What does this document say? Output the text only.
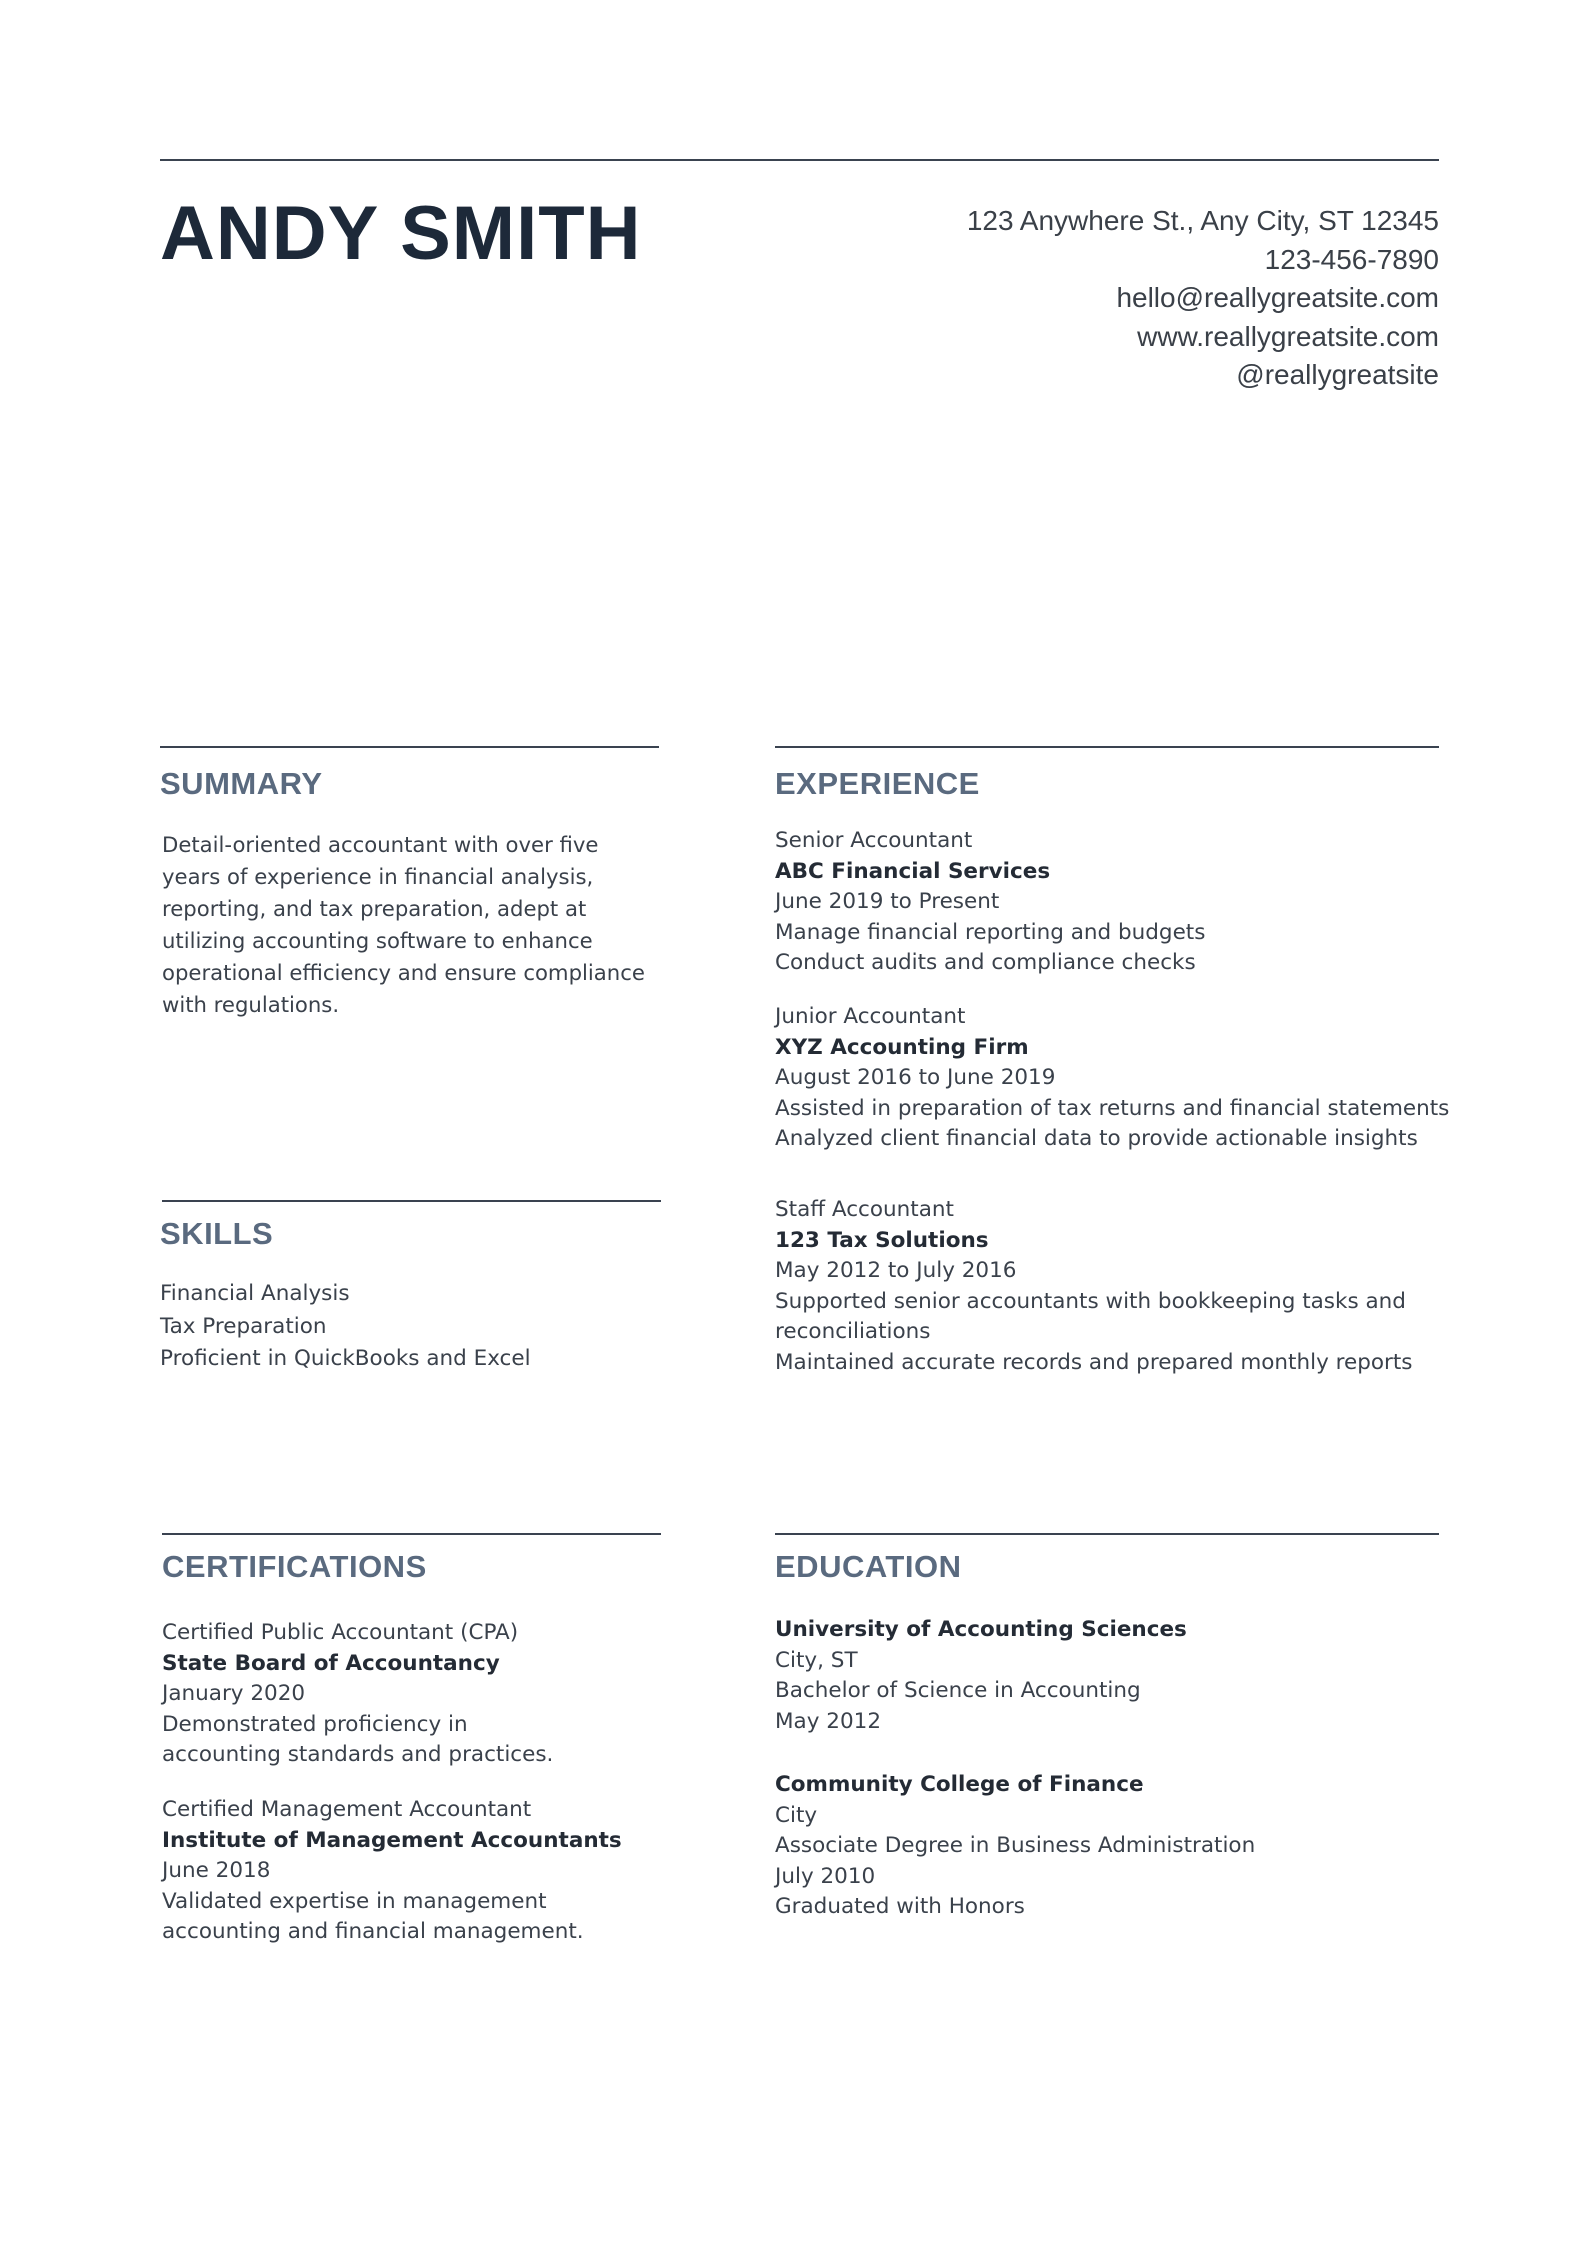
ANDY SMITH	123 Anywhere St., Any City, ST 12345
123-456-7890
hello@reallygreatsite.com
www.reallygreatsite.com
@reallygreatsite
SUMMARY

Detail-oriented accountant with over five years of experience in financial analysis, reporting, and tax preparation, adept at utilizing accounting software to enhance operational efficiency and ensure compliance with regulations.

SKILLS
Financial Analysis
Tax Preparation
Proficient in QuickBooks and Excel
EXPERIENCE
Senior Accountant
ABC Financial Services
June 2019 to Present
Manage financial reporting and budgets
Conduct audits and compliance checks
Junior Accountant
XYZ Accounting Firm
August 2016 to June 2019
Assisted in preparation of tax returns and financial statements
Analyzed client financial data to provide actionable insights
Staff Accountant
123 Tax Solutions
May 2012 to July 2016

Supported senior accountants with bookkeeping tasks and reconciliations

Maintained accurate records and prepared monthly reports
CERTIFICATIONS
Certified Public Accountant (CPA)
State Board of Accountancy
January 2020

Demonstrated proficiency in accounting standards and practices.

Certified Management Accountant
Institute of Management Accountants
June 2018

Validated expertise in management accounting and financial management.

EDUCATION
University of Accounting Sciences
City, ST
Bachelor of Science in Accounting
May 2012
Community College of Finance
City
Associate Degree in Business Administration
July 2010
Graduated with Honors
